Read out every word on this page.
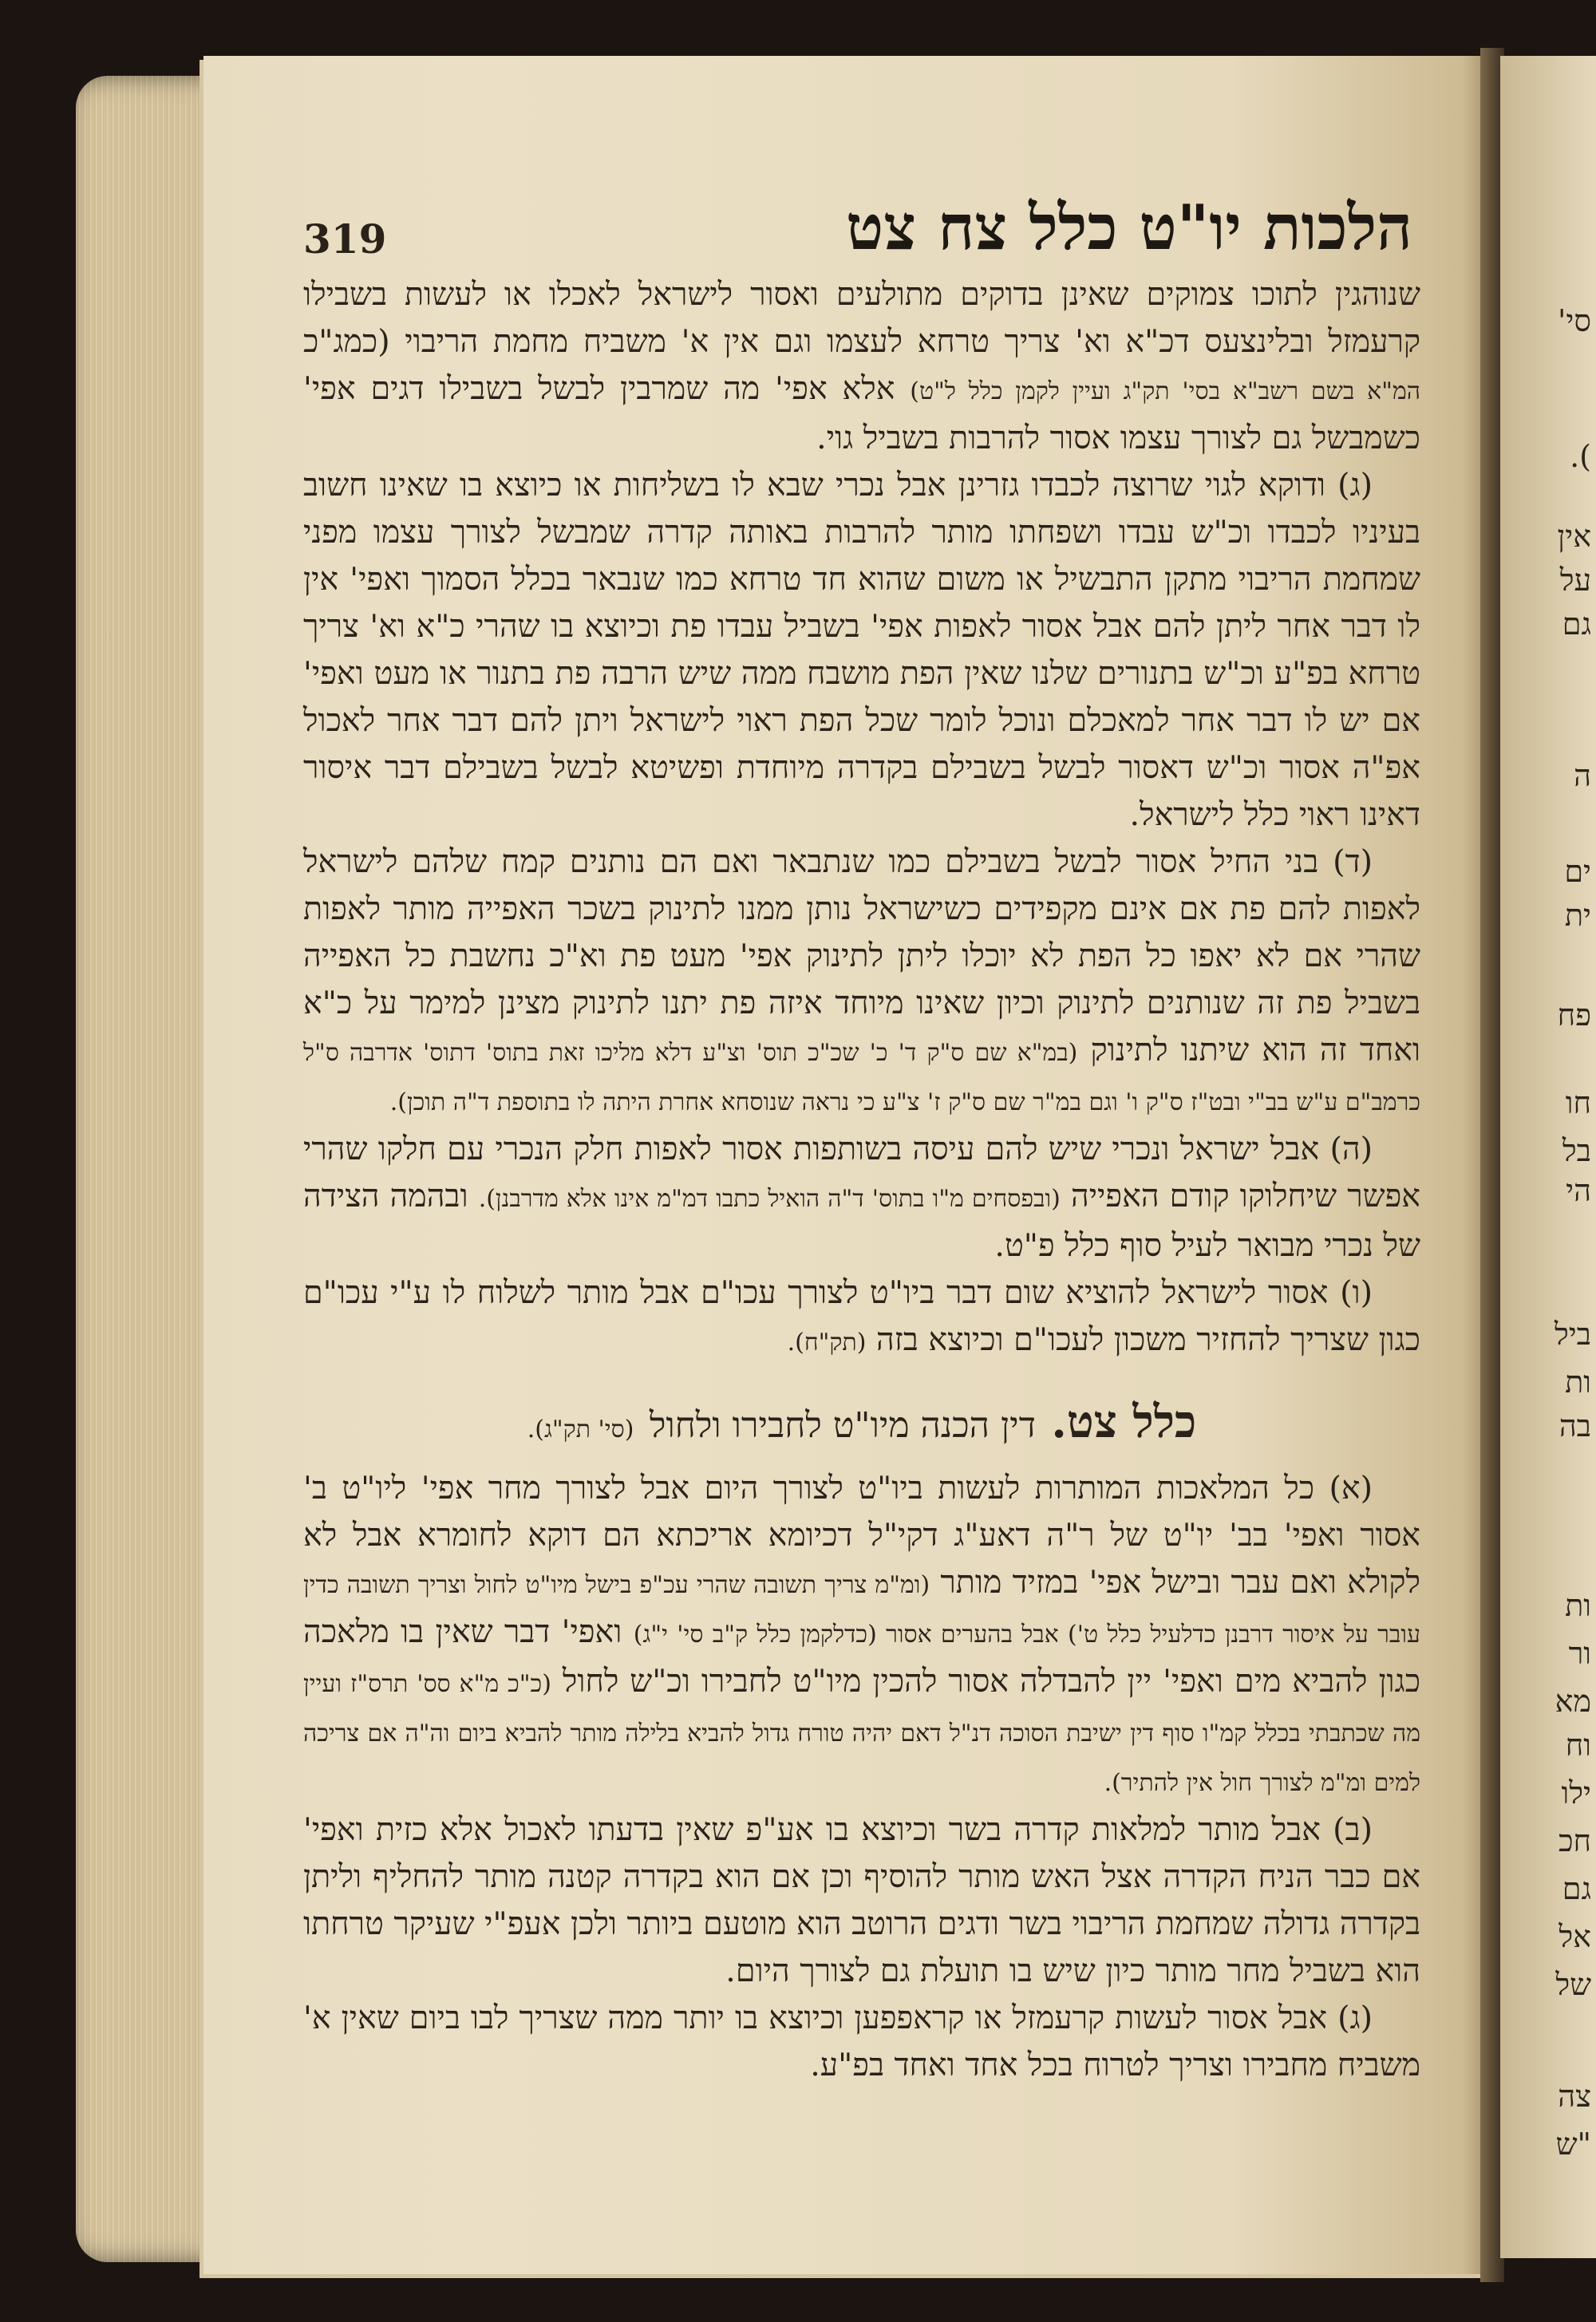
סי'
).
אין
על
גם
ה
ים
ית
פח
חו
בל
הי
ביל
ות
בה
ות
ור
מא
וח
ילו
חכ
גם
אל
של
צה
"ש
319	הלכות יו"ט כלל צח צט

שנוהגין לתוכו צמוקים שאינן בדוקים מתולעים ואסור לישראל לאכלו או לעשות בשבילו קרעמזל ובלינצעס דכ"א וא' צריך טרחא לעצמו וגם אין א' משביח מחמת הריבוי (כמג"כ המ"א בשם רשב"א בסי' תק"ג ועיין לקמן כלל ל"ט) אלא אפי' מה שמרבין לבשל בשבילו דגים אפי' כשמבשל גם לצורך עצמו אסור להרבות בשביל גוי.

(ג) ודוקא לגוי שרוצה לכבדו גזרינן אבל נכרי שבא לו בשליחות או כיוצא בו שאינו חשוב בעיניו לכבדו וכ"ש עבדו ושפחתו מותר להרבות באותה קדרה שמבשל לצורך עצמו מפני שמחמת הריבוי מתקן התבשיל או משום שהוא חד טרחא כמו שנבאר בכלל הסמוך ואפי' אין לו דבר אחר ליתן להם אבל אסור לאפות אפי' בשביל עבדו פת וכיוצא בו שהרי כ"א וא' צריך טרחא בפ"ע וכ"ש בתנורים שלנו שאין הפת מושבח ממה שיש הרבה פת בתנור או מעט ואפי' אם יש לו דבר אחר למאכלם ונוכל לומר שכל הפת ראוי לישראל ויתן להם דבר אחר לאכול אפ"ה אסור וכ"ש דאסור לבשל בשבילם בקדרה מיוחדת ופשיטא לבשל בשבילם דבר איסור דאינו ראוי כלל לישראל.

(ד) בני החיל אסור לבשל בשבילם כמו שנתבאר ואם הם נותנים קמח שלהם לישראל לאפות להם פת אם אינם מקפידים כשישראל נותן ממנו לתינוק בשכר האפייה מותר לאפות שהרי אם לא יאפו כל הפת לא יוכלו ליתן לתינוק אפי' מעט פת וא"כ נחשבת כל האפייה בשביל פת זה שנותנים לתינוק וכיון שאינו מיוחד איזה פת יתנו לתינוק מצינן למימר על כ"א ואחד זה הוא שיתנו לתינוק (במ"א שם ס"ק ד' כ' שכ"כ תוס' וצ"ע דלא מליכו זאת בתוס' דתוס' אדרבה ס"ל כרמב"ם ע"ש בב"י ובט"ז ס"ק ו' וגם במ"ר שם ס"ק ז' צ"ע כי נראה שנוסחא אחרת היתה לו בתוספת ד"ה תוכן).

(ה) אבל ישראל ונכרי שיש להם עיסה בשותפות אסור לאפות חלק הנכרי עם חלקו שהרי אפשר שיחלוקו קודם האפייה (ובפסחים מ"ו בתוס' ד"ה הואיל כתבו דמ"מ אינו אלא מדרבנן). ובהמה הצידה של נכרי מבואר לעיל סוף כלל פ"ט.

(ו) אסור לישראל להוציא שום דבר ביו"ט לצורך עכו"ם אבל מותר לשלוח לו ע"י עכו"ם כגון שצריך להחזיר משכון לעכו"ם וכיוצא בזה (תק"ח).

כלל צט. דין הכנה מיו"ט לחבירו ולחול (סי' תק"ג).

(א) כל המלאכות המותרות לעשות ביו"ט לצורך היום אבל לצורך מחר אפי' ליו"ט ב' אסור ואפי' בב' יו"ט של ר"ה דאע"ג דקי"ל דכיומא אריכתא הם דוקא לחומרא אבל לא לקולא ואם עבר ובישל אפי' במזיד מותר (ומ"מ צריך תשובה שהרי עכ"פ בישל מיו"ט לחול וצריך תשובה כדין עובר על איסור דרבנן כדלעיל כלל ט') אבל בהערים אסור (כדלקמן כלל ק"ב סי' י"ג) ואפי' דבר שאין בו מלאכה כגון להביא מים ואפי' יין להבדלה אסור להכין מיו"ט לחבירו וכ"ש לחול (כ"כ מ"א סס' תרס"ז ועיין מה שכתבתי בכלל קמ"ו סוף דין ישיבת הסוכה דנ"ל דאם יהיה טורח גדול להביא בלילה מותר להביא ביום וה"ה אם צריכה למים ומ"מ לצורך חול אין להתיר).

(ב) אבל מותר למלאות קדרה בשר וכיוצא בו אע"פ שאין בדעתו לאכול אלא כזית ואפי' אם כבר הניח הקדרה אצל האש מותר להוסיף וכן אם הוא בקדרה קטנה מותר להחליף וליתן בקדרה גדולה שמחמת הריבוי בשר ודגים הרוטב הוא מוטעם ביותר ולכן אעפ"י שעיקר טרחתו הוא בשביל מחר מותר כיון שיש בו תועלת גם לצורך היום.

(ג) אבל אסור לעשות קרעמזל או קראפפען וכיוצא בו יותר ממה שצריך לבו ביום שאין א' משביח מחבירו וצריך לטרוח בכל אחד ואחד בפ"ע.
